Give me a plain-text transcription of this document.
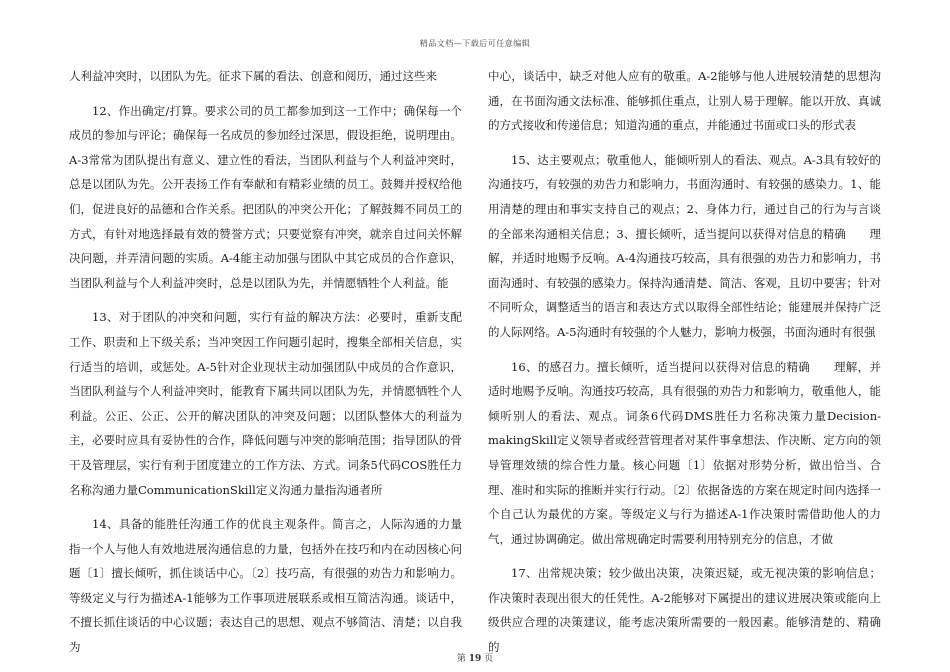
精品文档—下载后可任意编辑

人利益冲突时，以团队为先。征求下属的看法、创意和阅历，通过这些来

12、作出确定/打算。要求公司的员工都参加到这一工作中；确保每一个成员的参加与评论；确保每一名成员的参加经过深思，假设拒绝，说明理由。A-3常常为团队提出有意义、建立性的看法，当团队利益与个人利益冲突时，总是以团队为先。公开表扬工作有奉献和有精彩业绩的员工。鼓舞并授权给他们，促进良好的品德和合作关系。把团队的冲突公开化；了解鼓舞不同员工的方式，有针对地选择最有效的赞誉方式；只要觉察有冲突，就亲自过问关怀解决问题，并弄清问题的实质。A-4能主动加强与团队中其它成员的合作意识，当团队利益与个人利益冲突时，总是以团队为先，并情愿牺牲个人利益。能

13、对于团队的冲突和问题，实行有益的解决方法：必要时，重新支配工作、职责和上下级关系；当冲突因工作问题引起时，搜集全部相关信息，实行适当的培训，或惩处。A-5针对企业现状主动加强团队中成员的合作意识，当团队利益与个人利益冲突时，能教育下属共同以团队为先，并情愿牺牲个人利益。公正、公正、公开的解决团队的冲突及问题；以团队整体大的利益为主，必要时应具有妥协性的合作，降低问题与冲突的影响范围；指导团队的骨干及管理层，实行有利于团度建立的工作方法、方式。词条5代码COS胜任力名称沟通力量CommunicationSkill定义沟通力量指沟通者所

14、具备的能胜任沟通工作的优良主观条件。简言之，人际沟通的力量指一个人与他人有效地进展沟通信息的力量，包括外在技巧和内在动因核心问题〔1〕擅长倾听，抓住谈话中心。〔2〕技巧高，有很强的劝告力和影响力。等级定义与行为描述A-1能够为工作事项进展联系或相互简洁沟通。谈话中，不擅长抓住谈话的中心议题；表达自己的思想、观点不够简洁、清楚；以自我为

中心，谈话中，缺乏对他人应有的敬重。A-2能够与他人进展较清楚的思想沟通，在书面沟通文法标准、能够抓住重点，让别人易于理解。能以开放、真诚的方式接收和传递信息；知道沟通的重点，并能通过书面或口头的形式表

15、达主要观点；敬重他人，能倾听别人的看法、观点。A-3具有较好的沟通技巧，有较强的劝告力和影响力，书面沟通时、有较强的感染力。1、能用清楚的理由和事实支持自己的观点；2、身体力行，通过自己的行为与言谈的全部来沟通相关信息；3、擅长倾听，适当提问以获得对信息的精确　　理解，并适时地赐予反响。A-4沟通技巧较高，具有很强的劝告力和影响力，书面沟通时、有较强的感染力。保持沟通清楚、简洁、客观，且切中要害；针对不同听众，调整适当的语言和表达方式以取得全部性结论；能建展并保持广泛的人际网络。A-5沟通时有较强的个人魅力，影响力极强，书面沟通时有很强

16、的感召力。擅长倾听，适当提问以获得对信息的精确　　理解，并适时地赐予反响。沟通技巧较高，具有很强的劝告力和影响力，敬重他人，能倾听别人的看法、观点。词条6代码DMS胜任力名称决策力量Decision-makingSkill定义领导者或经营管理者对某件事拿想法、作决断、定方向的领导管理效绩的综合性力量。核心问题〔1〕依据对形势分析，做出恰当、合理、准时和实际的推断并实行行动。〔2〕依据备选的方案在规定时间内选择一个自己认为最优的方案。等级定义与行为描述A-1作决策时需借助他人的力气，通过协调确定。做出常规确定时需要利用特别充分的信息，才做

17、出常规决策；较少做出决策，决策迟疑，或无视决策的影响信息；作决策时表现出很大的任凭性。A-2能够对下属提出的建议进展决策或能向上级供应合理的决策建议，能考虑决策所需要的一般因素。能够清楚的、精确　　的

第 19 页
